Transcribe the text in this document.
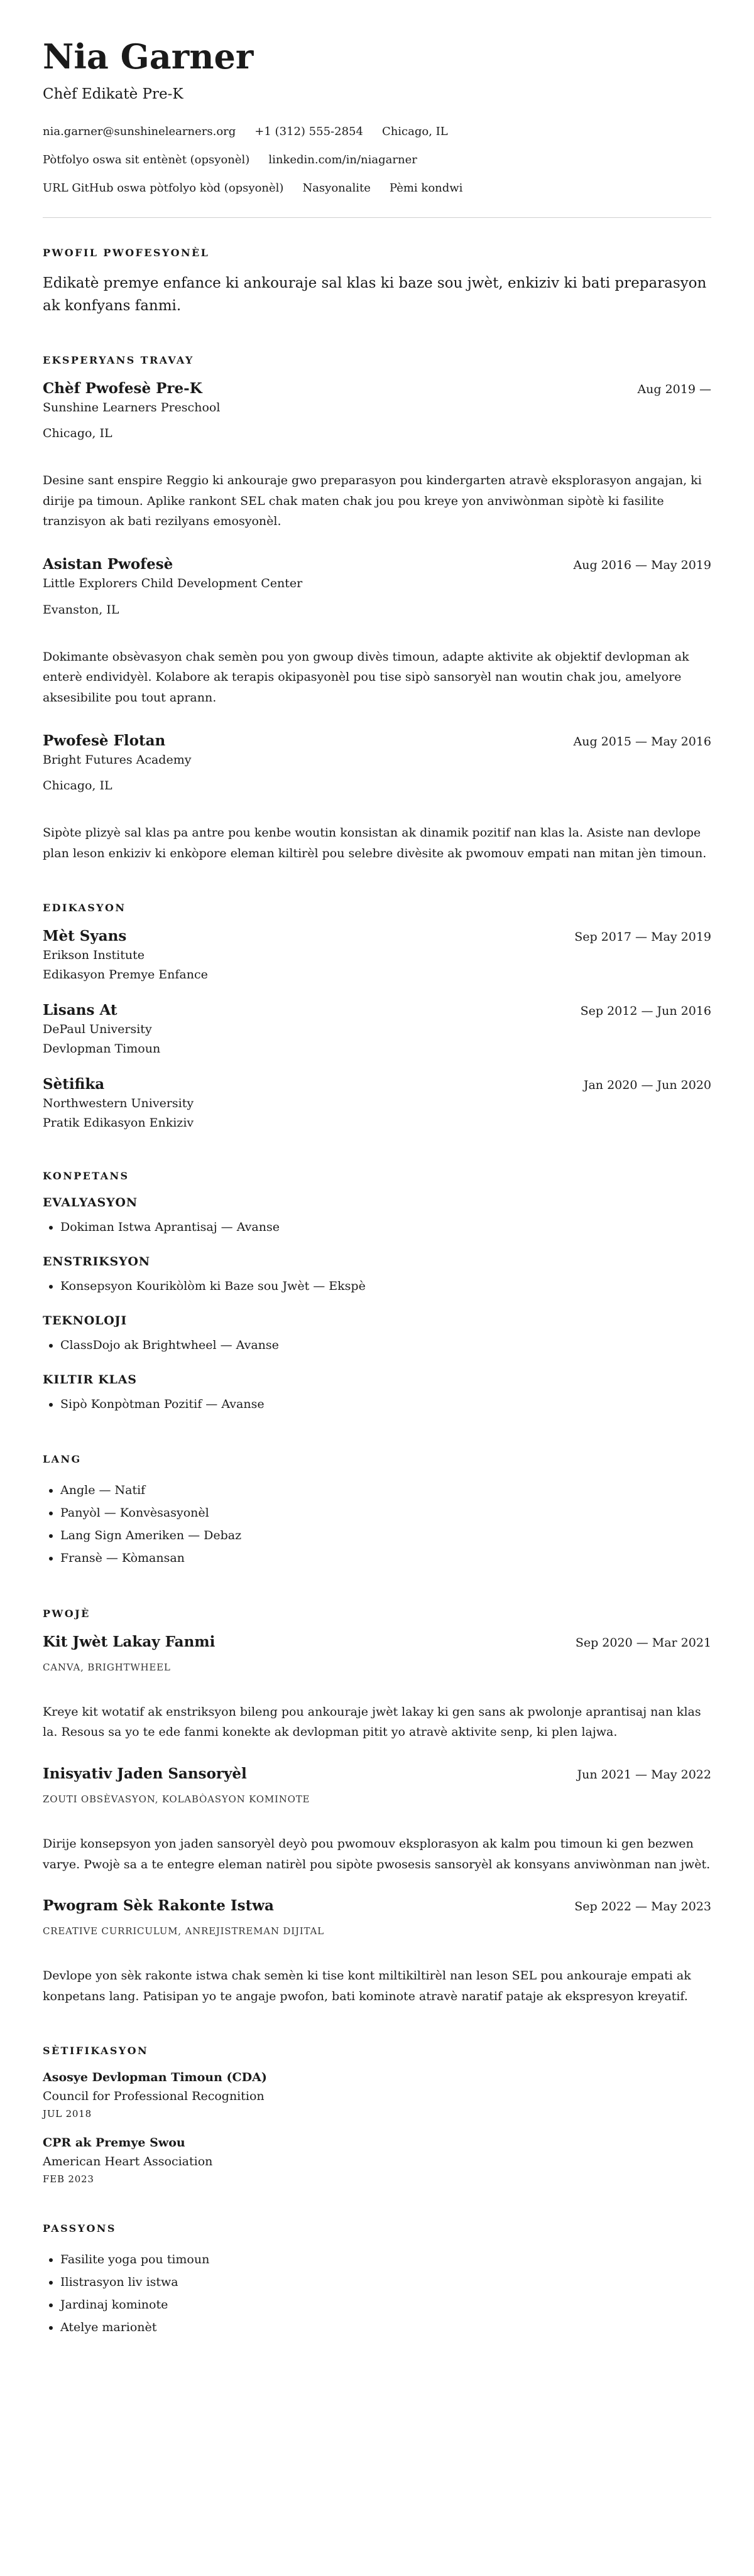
Nia Garner
Chèf Edikatè Pre-K
nia.garner@sunshinelearners.org +1 (312) 555-2854 Chicago, IL
Pòtfolyo oswa sit entènèt (opsyonèl) linkedin.com/in/niagarner
URL GitHub oswa pòtfolyo kòd (opsyonèl) Nasyonalite Pèmi kondwi
PWOFIL PWOFESYONÈL

Edikatè premye enfance ki ankouraje sal klas ki baze sou jwèt, enkiziv ki bati preparasyon ak konfyans fanmi.

EKSPERYANS TRAVAY
Chèf Pwofesè Pre-K	Aug 2019 —
Sunshine Learners Preschool
Chicago, IL

Desine sant enspire Reggio ki ankouraje gwo preparasyon pou kindergarten atravè eksplorasyon angajan, ki dirije pa timoun. Aplike rankont SEL chak maten chak jou pou kreye yon anviwònman sipòtè ki fasilite tranzisyon ak bati rezilyans emosyonèl.

Asistan Pwofesè	Aug 2016 — May 2019
Little Explorers Child Development Center
Evanston, IL

Dokimante obsèvasyon chak semèn pou yon gwoup divès timoun, adapte aktivite ak objektif devlopman ak enterè endividyèl. Kolabore ak terapis okipasyonèl pou tise sipò sansoryèl nan woutin chak jou, amelyore aksesibilite pou tout aprann.

Pwofesè Flotan	Aug 2015 — May 2016
Bright Futures Academy
Chicago, IL

Sipòte plizyè sal klas pa antre pou kenbe woutin konsistan ak dinamik pozitif nan klas la. Asiste nan devlope plan leson enkiziv ki enkòpore eleman kiltirèl pou selebre divèsite ak pwomouv empati nan mitan jèn timoun.

EDIKASYON
Mèt Syans	Sep 2017 — May 2019
Erikson Institute
Edikasyon Premye Enfance
Lisans At	Sep 2012 — Jun 2016
DePaul University
Devlopman Timoun
Sètifika	Jan 2020 — Jun 2020
Northwestern University
Pratik Edikasyon Enkiziv
KONPETANS
EVALYASYON
• Dokiman Istwa Aprantisaj — Avanse
ENSTRIKSYON
• Konsepsyon Kourikòlòm ki Baze sou Jwèt — Ekspè
TEKNOLOJI
• ClassDojo ak Brightwheel — Avanse
KILTIR KLAS
• Sipò Konpòtman Pozitif — Avanse
LANG
• Angle — Natif
• Panyòl — Konvèsasyonèl
• Lang Sign Ameriken — Debaz
• Fransè — Kòmansan
PWOJÈ
Kit Jwèt Lakay Fanmi	Sep 2020 — Mar 2021
CANVA, BRIGHTWHEEL

Kreye kit wotatif ak enstriksyon bileng pou ankouraje jwèt lakay ki gen sans ak pwolonje aprantisaj nan klas la. Resous sa yo te ede fanmi konekte ak devlopman pitit yo atravè aktivite senp, ki plen lajwa.

Inisyativ Jaden Sansoryèl	Jun 2021 — May 2022
ZOUTI OBSÈVASYON, KOLABÒASYON KOMINOTE

Dirije konsepsyon yon jaden sansoryèl deyò pou pwomouv eksplorasyon ak kalm pou timoun ki gen bezwen varye. Pwojè sa a te entegre eleman natirèl pou sipòte pwosesis sansoryèl ak konsyans anviwònman nan jwèt.

Pwogram Sèk Rakonte Istwa	Sep 2022 — May 2023
CREATIVE CURRICULUM, ANREJISTREMAN DIJITAL

Devlope yon sèk rakonte istwa chak semèn ki tise kont miltikiltirèl nan leson SEL pou ankouraje empati ak konpetans lang. Patisipan yo te angaje pwofon, bati kominote atravè naratif pataje ak ekspresyon kreyatif.

SÈTIFIKASYON
Asosye Devlopman Timoun (CDA)
Council for Professional Recognition
JUL 2018
CPR ak Premye Swou
American Heart Association
FEB 2023
PASSYONS
• Fasilite yoga pou timoun
• Ilistrasyon liv istwa
• Jardinaj kominote
• Atelye marionèt
